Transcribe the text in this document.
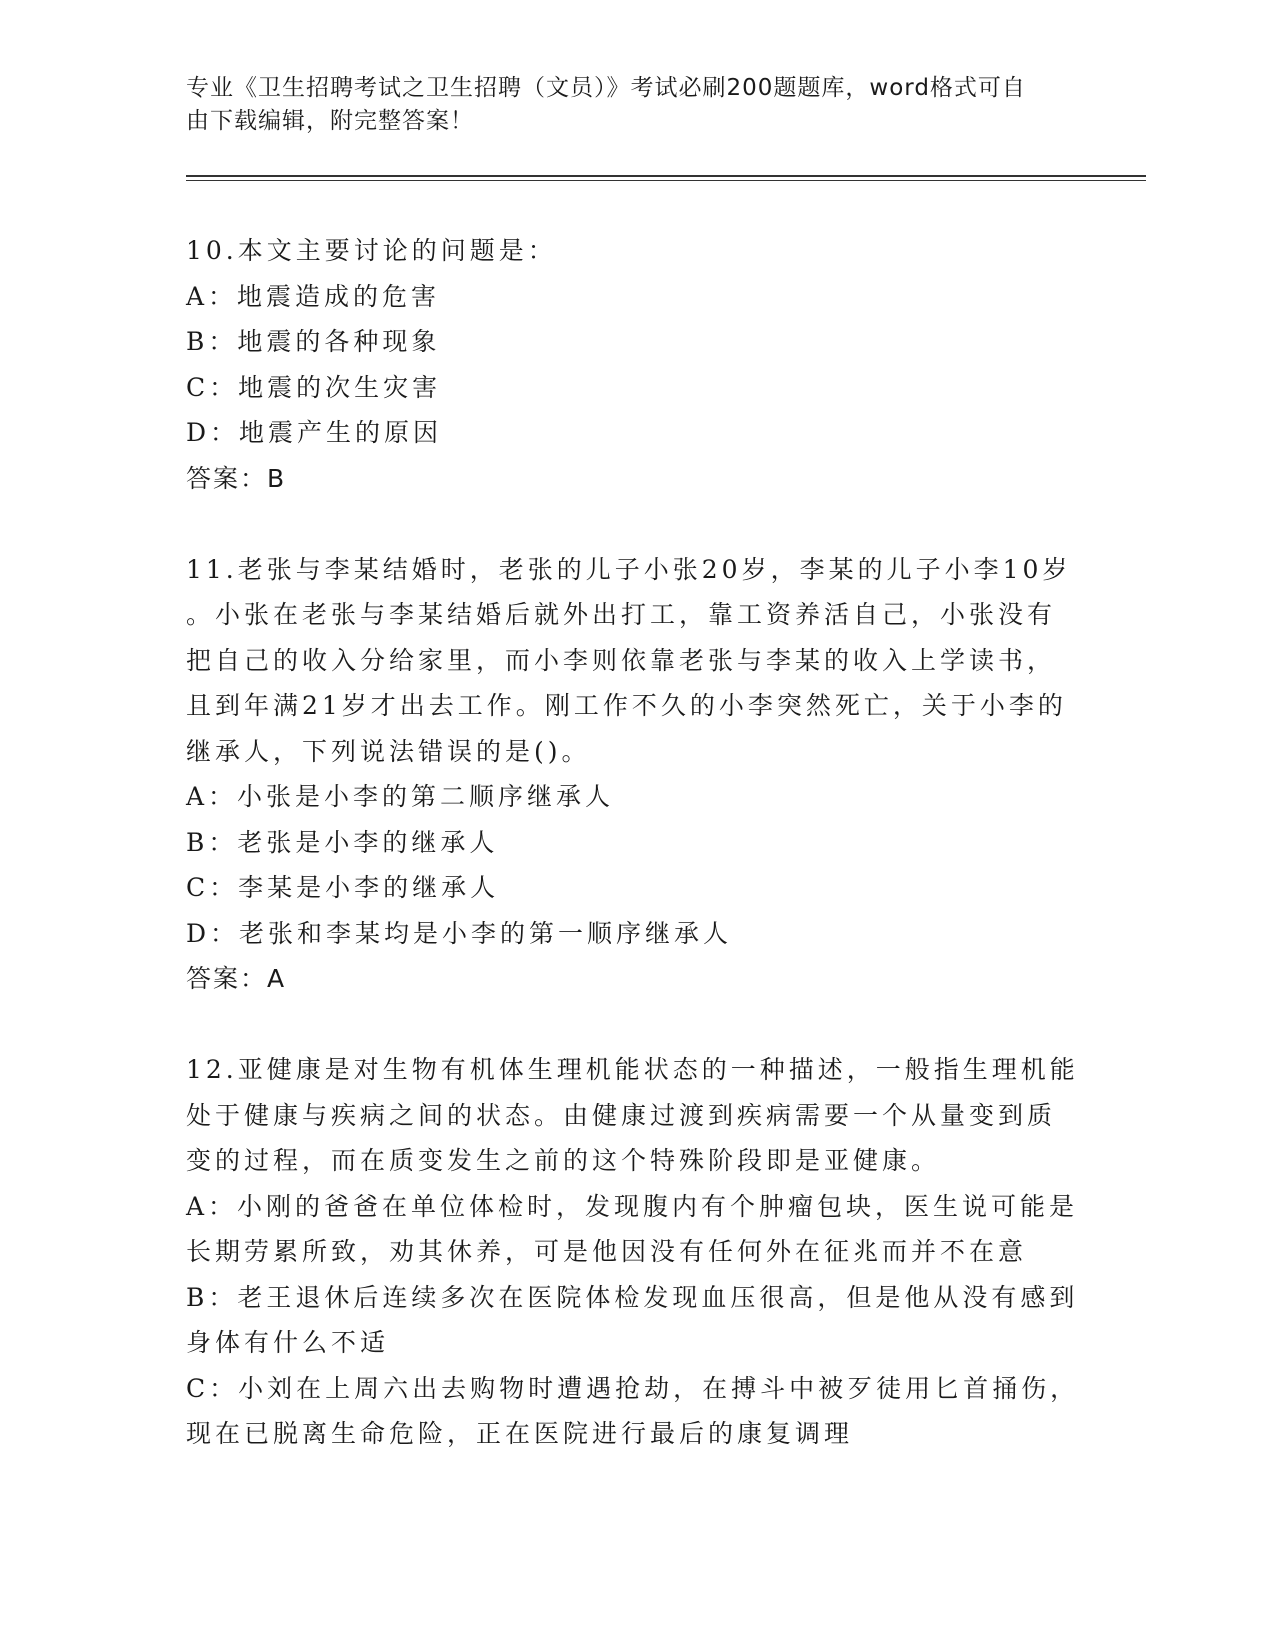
专业《卫生招聘考试之卫生招聘（文员）》考试必刷200题题库，word格式可自
由下载编辑，附完整答案！
10.本文主要讨论的问题是：
A：地震造成的危害
B：地震的各种现象
C：地震的次生灾害
D：地震产生的原因
答案：B
11.老张与李某结婚时，老张的儿子小张20岁，李某的儿子小李10岁
。小张在老张与李某结婚后就外出打工，靠工资养活自己，小张没有
把自己的收入分给家里，而小李则依靠老张与李某的收入上学读书，
且到年满21岁才出去工作。刚工作不久的小李突然死亡，关于小李的
继承人，下列说法错误的是()。
A：小张是小李的第二顺序继承人
B：老张是小李的继承人
C：李某是小李的继承人
D：老张和李某均是小李的第一顺序继承人
答案：A
12.亚健康是对生物有机体生理机能状态的一种描述，一般指生理机能
处于健康与疾病之间的状态。由健康过渡到疾病需要一个从量变到质
变的过程，而在质变发生之前的这个特殊阶段即是亚健康。
A：小刚的爸爸在单位体检时，发现腹内有个肿瘤包块，医生说可能是
长期劳累所致，劝其休养，可是他因没有任何外在征兆而并不在意
B：老王退休后连续多次在医院体检发现血压很高，但是他从没有感到
身体有什么不适
C：小刘在上周六出去购物时遭遇抢劫，在搏斗中被歹徒用匕首捅伤，
现在已脱离生命危险，正在医院进行最后的康复调理
